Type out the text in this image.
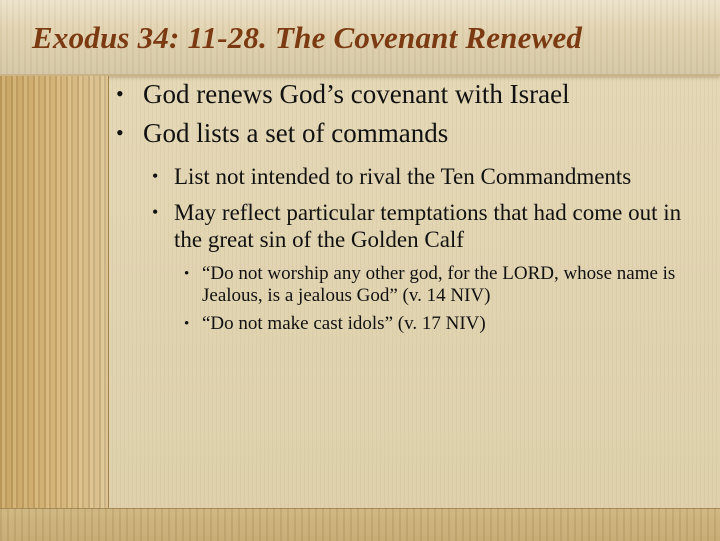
Exodus 34: 11-28. The Covenant Renewed
• God renews God’s covenant with Israel
• God lists a set of commands
• List not intended to rival the Ten Commandments
• May reflect particular temptations that had come out in the great sin of the Golden Calf
• “Do not worship any other god, for the LORD, whose name is Jealous, is a jealous God” (v. 14 NIV)
• “Do not make cast idols” (v. 17 NIV)
